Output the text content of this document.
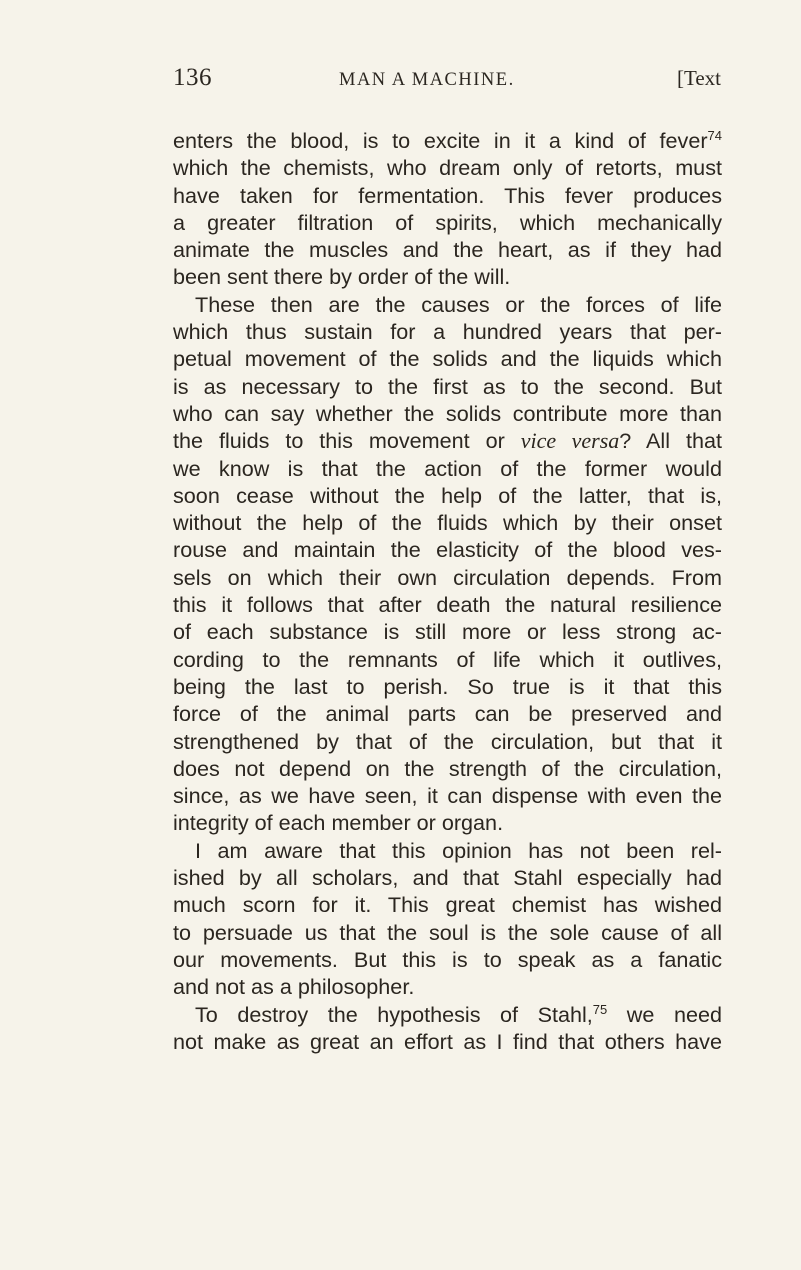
136	MAN A MACHINE.	[Text
enters the blood, is to excite in it a kind of fever$^{74}$
which the chemists, who dream only of retorts, must
have taken for fermentation. This fever produces
a greater filtration of spirits, which mechanically
animate the muscles and the heart, as if they had
been sent there by order of the will.
These then are the causes or the forces of life
which thus sustain for a hundred years that per-
petual movement of the solids and the liquids which
is as necessary to the first as to the second. But
who can say whether the solids contribute more than
the fluids to this movement or vice versa? All that
we know is that the action of the former would
soon cease without the help of the latter, that is,
without the help of the fluids which by their onset
rouse and maintain the elasticity of the blood ves-
sels on which their own circulation depends. From
this it follows that after death the natural resilience
of each substance is still more or less strong ac-
cording to the remnants of life which it outlives,
being the last to perish. So true is it that this
force of the animal parts can be preserved and
strengthened by that of the circulation, but that it
does not depend on the strength of the circulation,
since, as we have seen, it can dispense with even the
integrity of each member or organ.
I am aware that this opinion has not been rel-
ished by all scholars, and that Stahl especially had
much scorn for it. This great chemist has wished
to persuade us that the soul is the sole cause of all
our movements. But this is to speak as a fanatic
and not as a philosopher.
To destroy the hypothesis of Stahl,$^{75}$ we need
not make as great an effort as I find that others have
